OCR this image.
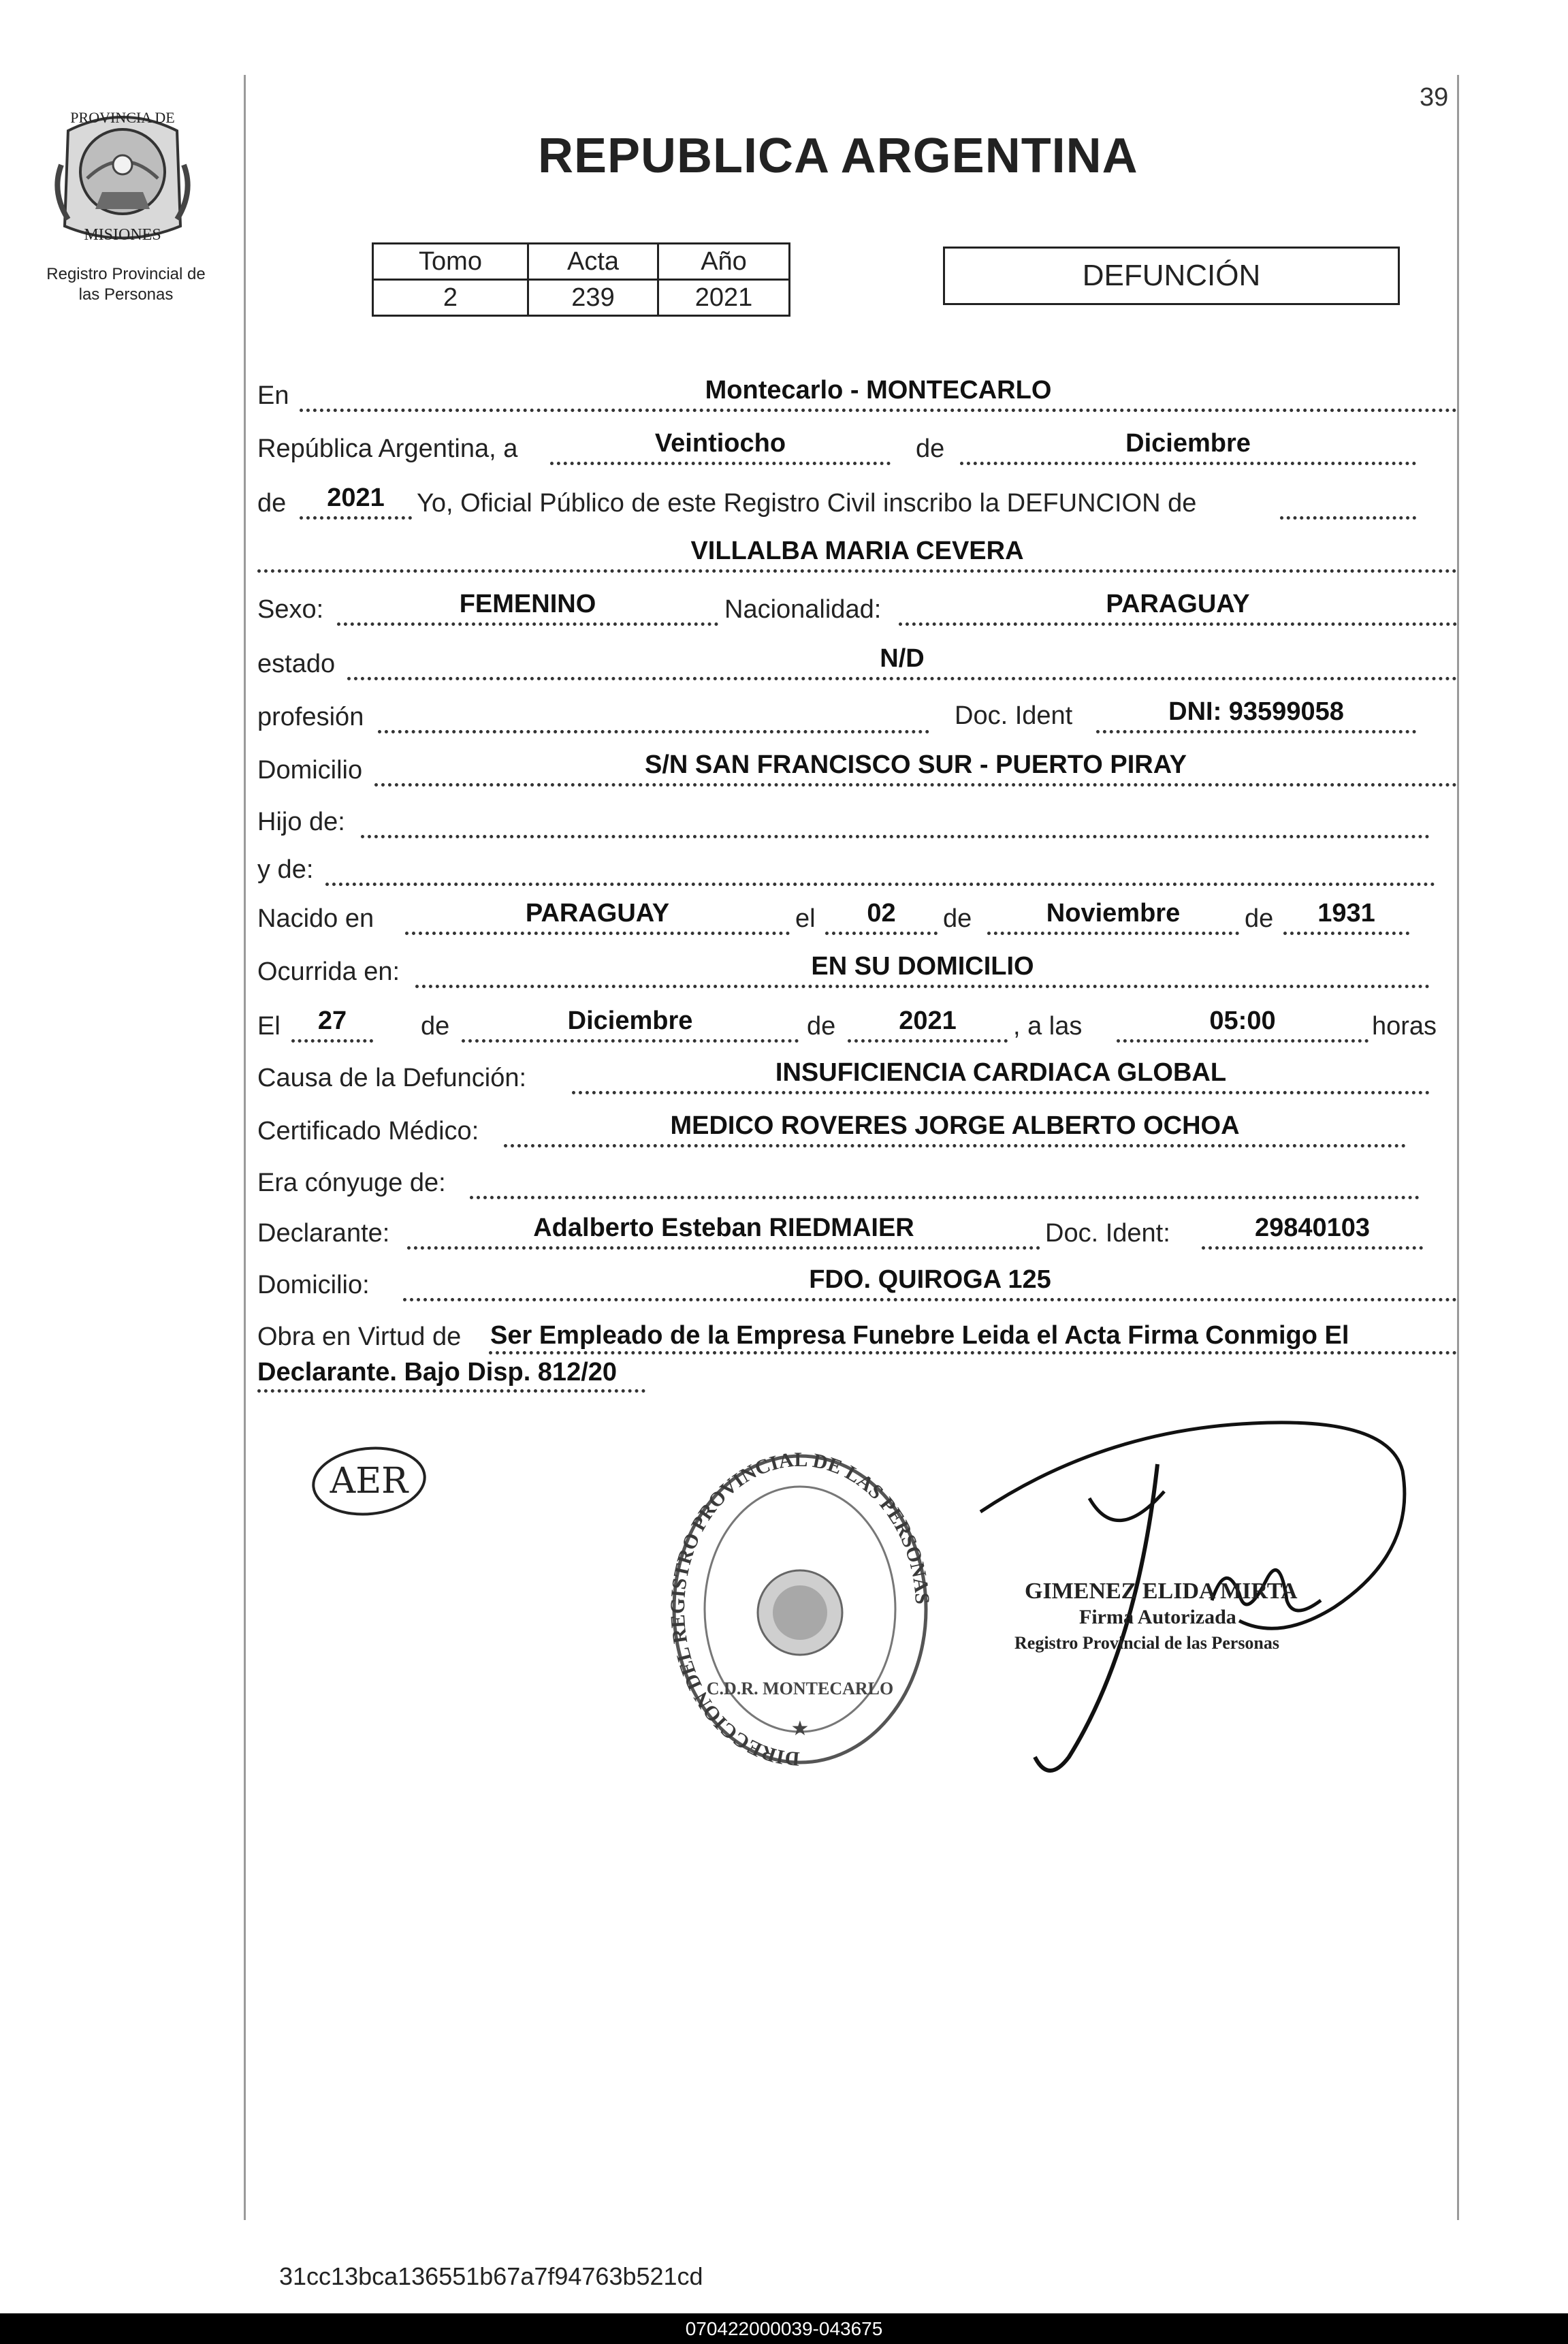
39
PROVINCIA DE
MISIONES
Registro Provincial de
las Personas
REPUBLICA ARGENTINA
Tomo	Acta	Año
2	239	2021
DEFUNCIÓN
En	Montecarlo - MONTECARLO
República Argentina, a	Veintiocho	de	Diciembre
de	2021	Yo, Oficial Público de este Registro Civil inscribo la DEFUNCION de
VILLALBA MARIA CEVERA
Sexo:	FEMENINO	Nacionalidad:	PARAGUAY
estado	N/D
profesión	Doc. Ident	DNI: 93599058
Domicilio	S/N SAN FRANCISCO SUR - PUERTO PIRAY
Hijo de:
y de:
Nacido en	PARAGUAY	el	02	de	Noviembre	de	1931
Ocurrida en:	EN SU DOMICILIO
El	27	de	Diciembre	de	2021	, a las	05:00	horas
Causa de la Defunción:	INSUFICIENCIA CARDIACA GLOBAL
Certificado Médico:	MEDICO ROVERES JORGE ALBERTO OCHOA
Era cónyuge de:
Declarante:	Adalberto Esteban RIEDMAIER	Doc. Ident:	29840103
Domicilio:	FDO. QUIROGA 125
Obra en Virtud de Ser Empleado de la Empresa Funebre Leida el Acta Firma Conmigo El
Declarante. Bajo Disp. 812/20
AER
DIRECCION DEL TRO PROVINCIAL DE LAS PERSON
C.D.R. MONTECARLO
★
GIMENEZ ELIDA MIRTA
Firma Autorizada
Registro Provincial de las Personas
31cc13bca136551b67a7f94763b521cd
070422000039-043675
